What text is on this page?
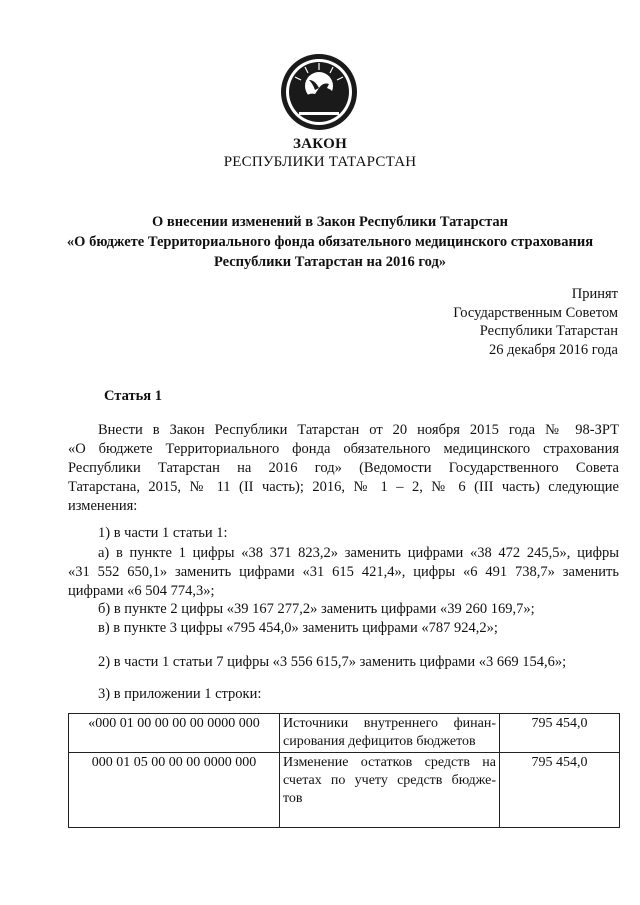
ЗАКОН
РЕСПУБЛИКИ ТАТАРСТАН
О внесении изменений в Закон Республики Татарстан
«О бюджете Территориального фонда обязательного медицинского страхования
Республики Татарстан на 2016 год»
Принят
Государственным Советом
Республики Татарстан
26 декабря 2016 года
Статья 1
Внести в Закон Республики Татарстан от 20 ноября 2015 года № 98-ЗРТ
«О бюджете Территориального фонда обязательного медицинского страхования
Республики Татарстан на 2016 год» (Ведомости Государственного Совета
Татарстана, 2015, № 11 (II часть); 2016, № 1 – 2, № 6 (III часть) следующие
изменения:
1) в части 1 статьи 1:
а) в пункте 1 цифры «38 371 823,2» заменить цифрами «38 472 245,5», цифры
«31 552 650,1» заменить цифрами «31 615 421,4», цифры «6 491 738,7» заменить
цифрами «6 504 774,3»;
б) в пункте 2 цифры «39 167 277,2» заменить цифрами «39 260 169,7»;
в) в пункте 3 цифры «795 454,0» заменить цифрами «787 924,2»;
2) в части 1 статьи 7 цифры «3 556 615,7» заменить цифрами «3 669 154,6»;
3) в приложении 1 строки:
«000 01 00 00 00 00 0000 000	Источники внутреннего финан-
сирования дефицитов бюджетов	795 454,0
000 01 05 00 00 00 0000 000	Изменение остатков средств на
счетах по учету средств бюдже-
тов	795 454,0
